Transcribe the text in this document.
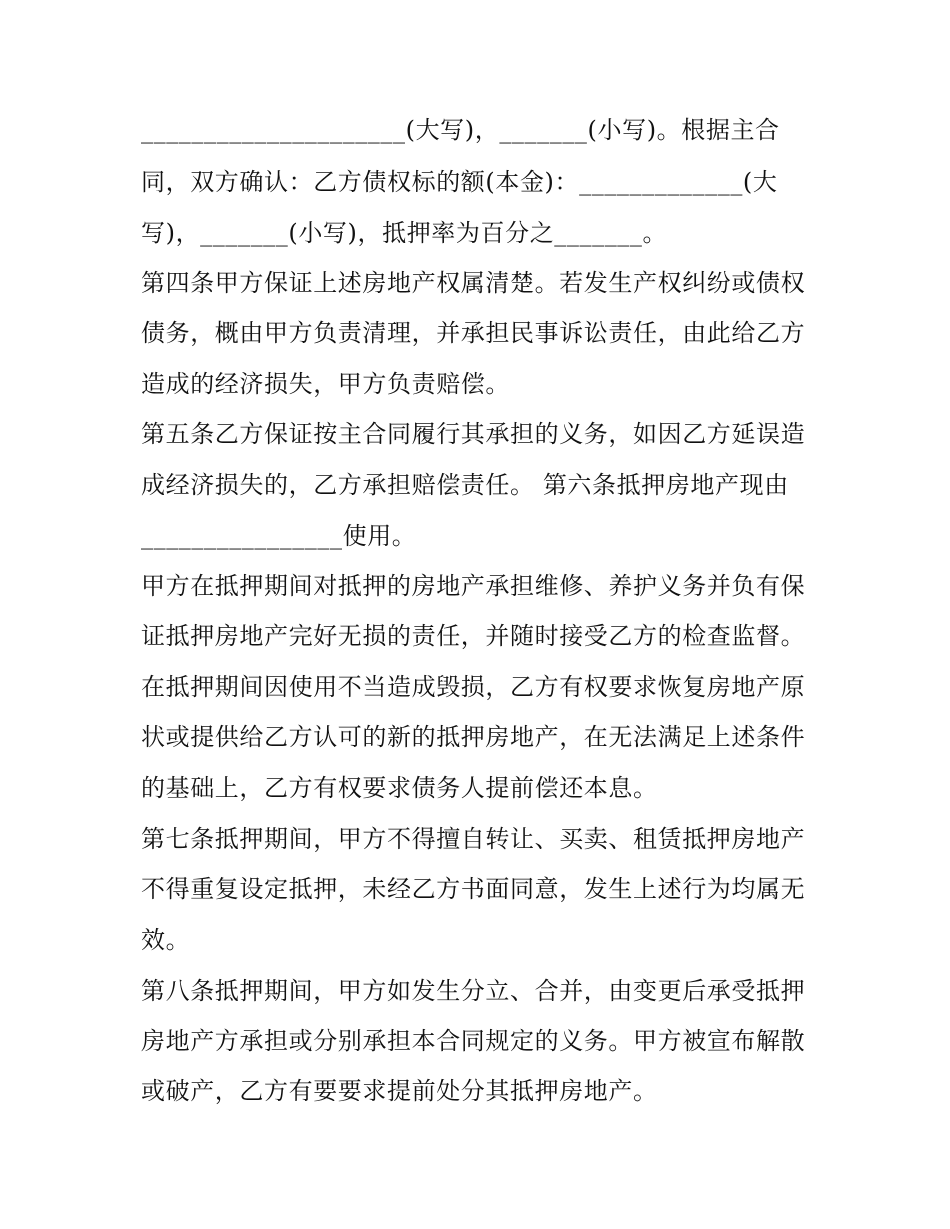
_____________________(大写)，_______(小写)。根据主合
同，双方确认：乙方债权标的额(本金)：_____________(大
写)，_______(小写)，抵押率为百分之_______。
第四条甲方保证上述房地产权属清楚。若发生产权纠纷或债权
债务，概由甲方负责清理，并承担民事诉讼责任，由此给乙方
造成的经济损失，甲方负责赔偿。
第五条乙方保证按主合同履行其承担的义务，如因乙方延误造
成经济损失的，乙方承担赔偿责任。 第六条抵押房地产现由
________________使用。
甲方在抵押期间对抵押的房地产承担维修、养护义务并负有保
证抵押房地产完好无损的责任，并随时接受乙方的检查监督。
在抵押期间因使用不当造成毁损，乙方有权要求恢复房地产原
状或提供给乙方认可的新的抵押房地产，在无法满足上述条件
的基础上，乙方有权要求债务人提前偿还本息。
第七条抵押期间，甲方不得擅自转让、买卖、租赁抵押房地产
不得重复设定抵押，未经乙方书面同意，发生上述行为均属无
效。
第八条抵押期间，甲方如发生分立、合并，由变更后承受抵押
房地产方承担或分别承担本合同规定的义务。甲方被宣布解散
或破产，乙方有要要求提前处分其抵押房地产。
